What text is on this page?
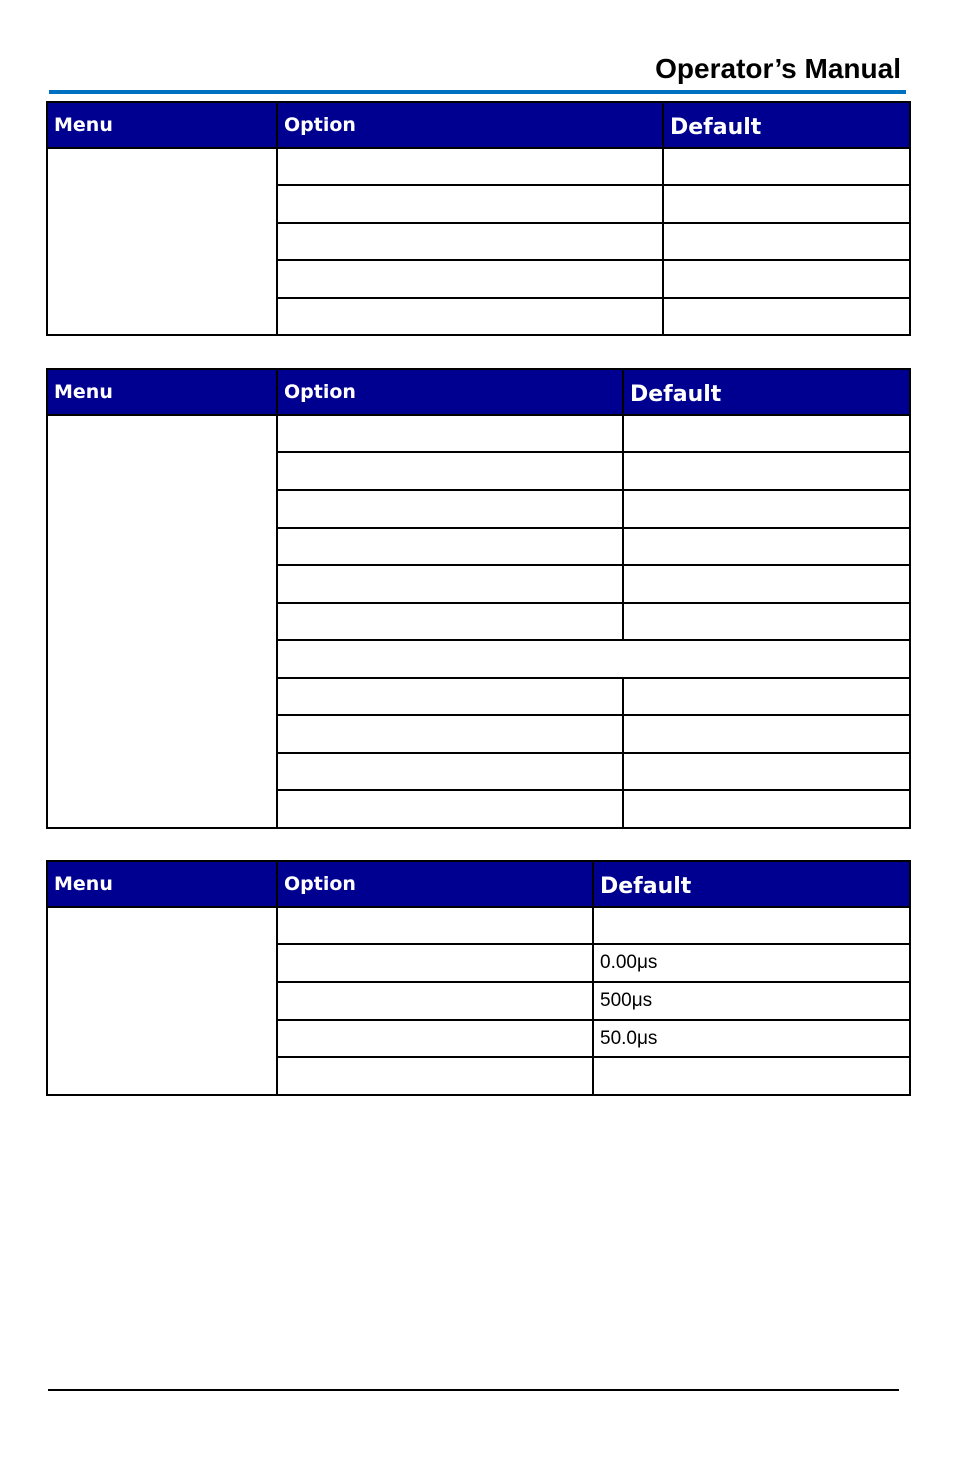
Operator’s Manual
Menu	Option	Default

Menu	Option	Default

Menu	Option	Default

		0.00μs
		500μs
		50.0μs
